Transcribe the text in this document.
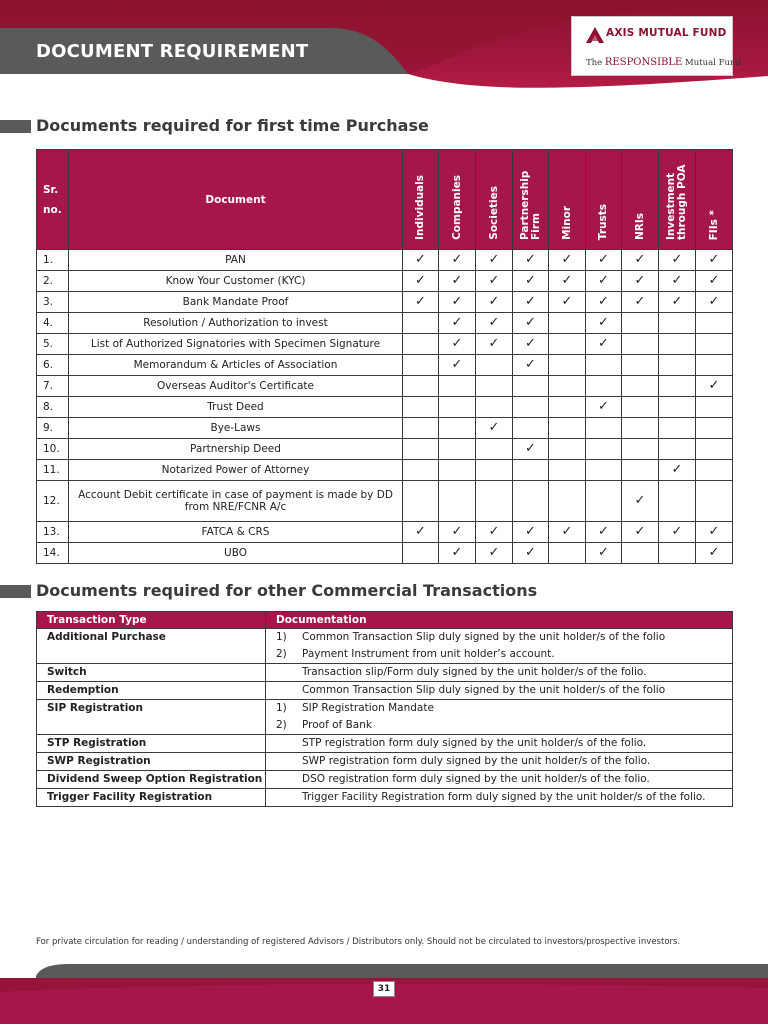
DOCUMENT REQUIREMENT
AXIS MUTUAL FUND
The RESPONSIBLE Mutual Fund
Documents required for first time Purchase
Sr. no.	Document	Individuals	Companies	Societies	Partnership Firm	Minor	Trusts	NRIs	Investment through POA	FIIs *
1.	PAN	✓	✓	✓	✓	✓	✓	✓	✓	✓
2.	Know Your Customer (KYC)	✓	✓	✓	✓	✓	✓	✓	✓	✓
3.	Bank Mandate Proof	✓	✓	✓	✓	✓	✓	✓	✓	✓
4.	Resolution / Authorization to invest		✓	✓	✓		✓			
5.	List of Authorized Signatories with Specimen Signature		✓	✓	✓		✓			
6.	Memorandum & Articles of Association		✓		✓					
7.	Overseas Auditor's Certificate									✓
8.	Trust Deed						✓			
9.	Bye-Laws			✓						
10.	Partnership Deed				✓					
11.	Notarized Power of Attorney								✓	
12.	Account Debit certificate in case of payment is made by DD from NRE/FCNR A/c							✓		
13.	FATCA & CRS	✓	✓	✓	✓	✓	✓	✓	✓	✓
14.	UBO		✓	✓	✓		✓			✓
Documents required for other Commercial Transactions
Transaction Type	Documentation
Additional Purchase	1) Common Transaction Slip duly signed by the unit holder/s of the folio
	2) Payment Instrument from unit holder’s account.
Switch	Transaction slip/Form duly signed by the unit holder/s of the folio.
Redemption	Common Transaction Slip duly signed by the unit holder/s of the folio
SIP Registration	1) SIP Registration Mandate
	2) Proof of Bank
STP Registration	STP registration form duly signed by the unit holder/s of the folio.
SWP Registration	SWP registration form duly signed by the unit holder/s of the folio.
Dividend Sweep Option Registration	DSO registration form duly signed by the unit holder/s of the folio.
Trigger Facility Registration	Trigger Facility Registration form duly signed by the unit holder/s of the folio.
For private circulation for reading / understanding of registered Advisors / Distributors only. Should not be circulated to investors/prospective investors.
31
